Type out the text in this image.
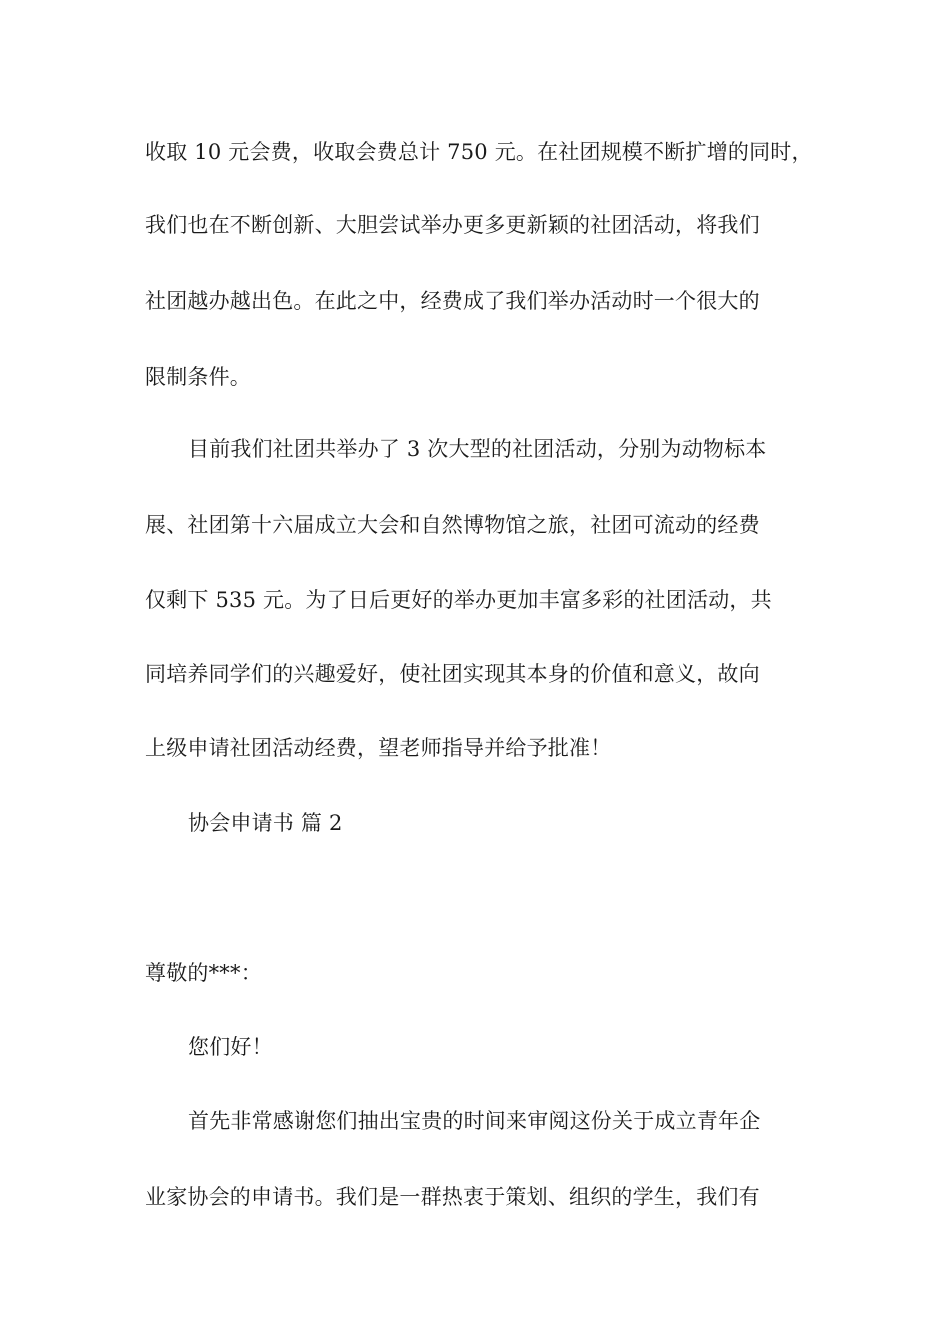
收取 10 元会费，收取会费总计 750 元。在社团规模不断扩增的同时，
我们也在不断创新、大胆尝试举办更多更新颖的社团活动，将我们
社团越办越出色。在此之中，经费成了我们举办活动时一个很大的
限制条件。
目前我们社团共举办了 3 次大型的社团活动，分别为动物标本
展、社团第十六届成立大会和自然博物馆之旅，社团可流动的经费
仅剩下 535 元。为了日后更好的举办更加丰富多彩的社团活动，共
同培养同学们的兴趣爱好，使社团实现其本身的价值和意义，故向
上级申请社团活动经费，望老师指导并给予批准！
协会申请书 篇 2
尊敬的***：
您们好！
首先非常感谢您们抽出宝贵的时间来审阅这份关于成立青年企
业家协会的申请书。我们是一群热衷于策划、组织的学生，我们有
